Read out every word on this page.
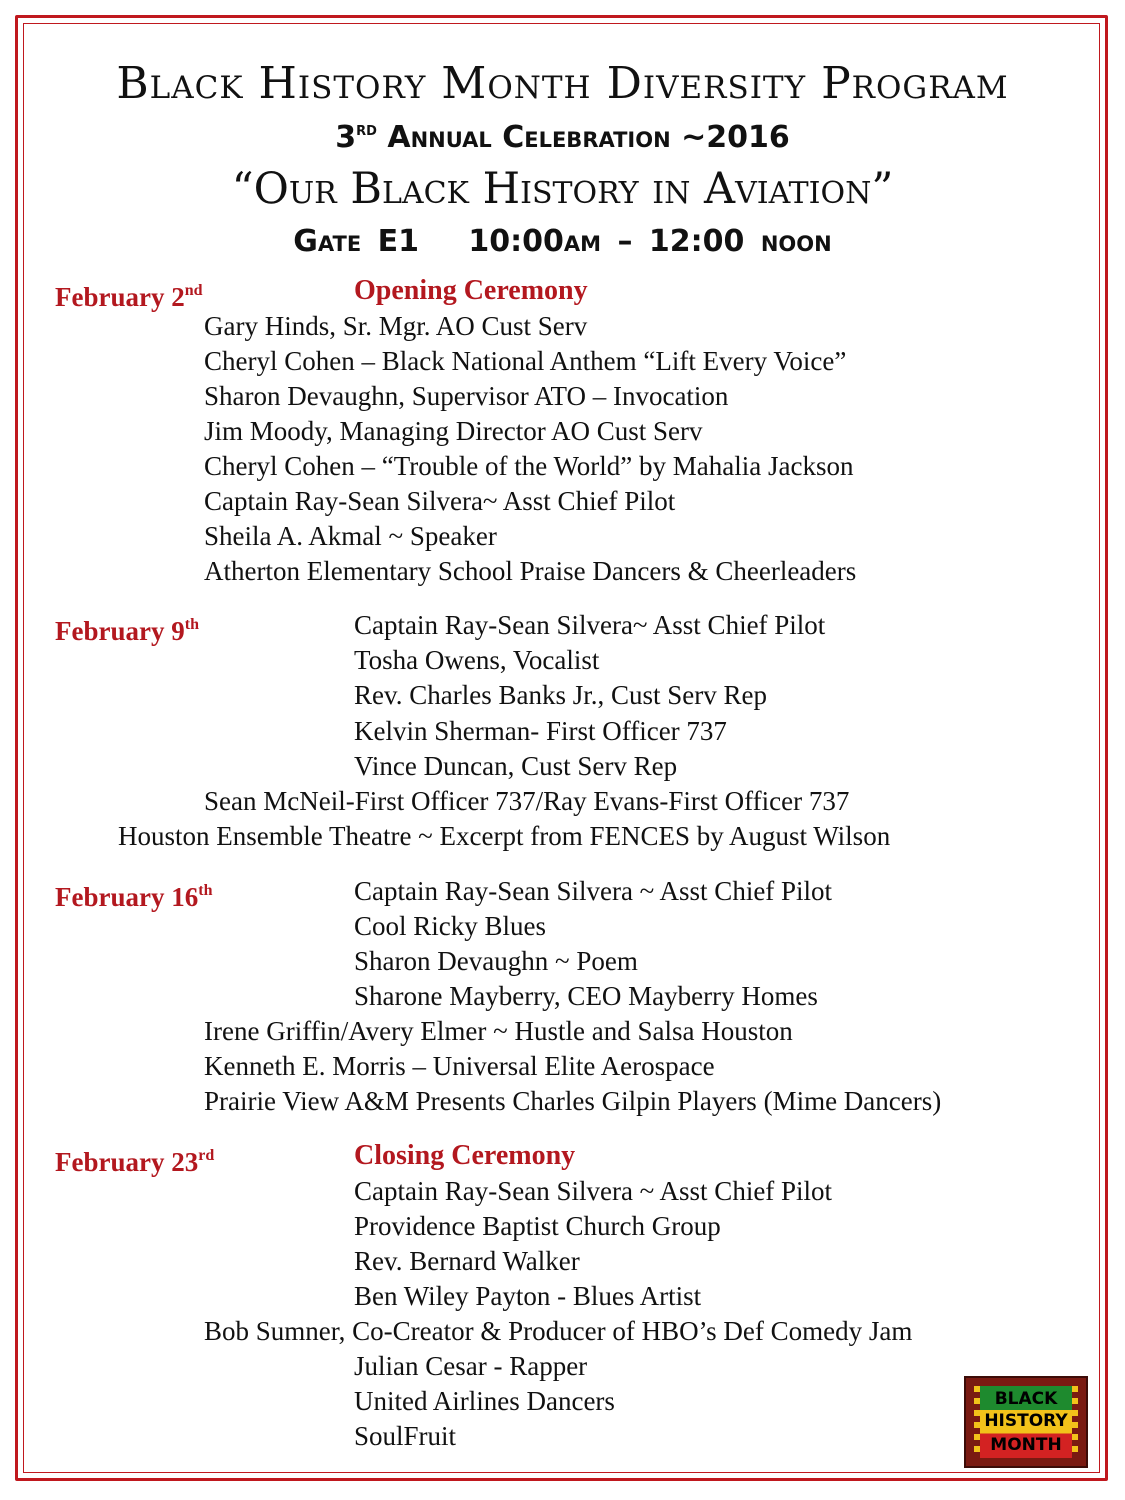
Black History Month Diversity Program
3rd Annual Celebration ~2016
“Our Black History in Aviation”
Gate E1   10:00am – 12:00 noon
February 2nd	Opening Ceremony
Gary Hinds, Sr. Mgr. AO Cust Serv
Cheryl Cohen – Black National Anthem “Lift Every Voice”
Sharon Devaughn, Supervisor ATO – Invocation
Jim Moody, Managing Director AO Cust Serv
Cheryl Cohen – “Trouble of the World” by Mahalia Jackson
Captain Ray-Sean Silvera~ Asst Chief Pilot
Sheila A. Akmal ~ Speaker
Atherton Elementary School Praise Dancers & Cheerleaders
February 9th	Captain Ray-Sean Silvera~ Asst Chief Pilot
Tosha Owens, Vocalist
Rev. Charles Banks Jr., Cust Serv Rep
Kelvin Sherman- First Officer 737
Vince Duncan, Cust Serv Rep
Sean McNeil-First Officer 737/Ray Evans-First Officer 737
Houston Ensemble Theatre ~ Excerpt from FENCES by August Wilson
February 16th	Captain Ray-Sean Silvera ~ Asst Chief Pilot
Cool Ricky Blues
Sharon Devaughn ~ Poem
Sharone Mayberry, CEO Mayberry Homes
Irene Griffin/Avery Elmer ~ Hustle and Salsa Houston
Kenneth E. Morris – Universal Elite Aerospace
Prairie View A&M Presents Charles Gilpin Players (Mime Dancers)
February 23rd	Closing Ceremony
Captain Ray-Sean Silvera ~ Asst Chief Pilot
Providence Baptist Church Group
Rev. Bernard Walker
Ben Wiley Payton - Blues Artist
Bob Sumner, Co-Creator & Producer of HBO’s Def Comedy Jam
Julian Cesar - Rapper
United Airlines Dancers
SoulFruit
BLACK
HISTORY
MONTH
